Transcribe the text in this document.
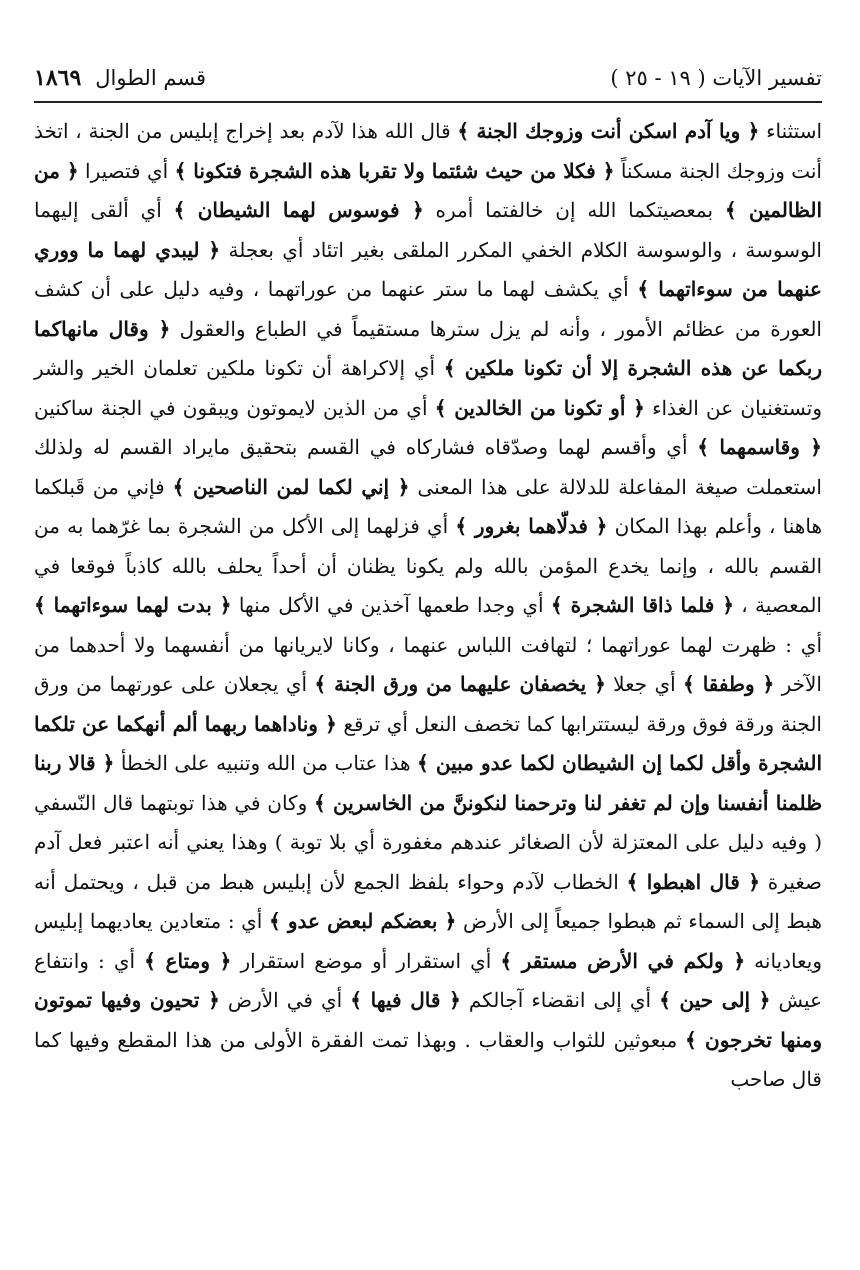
تفسير الآيات ( ١٩ - ٢٥ )
قسم الطوال
١٨٦٩
استثناء ﴿ ويا آدم اسكن أنت وزوجك الجنة ﴾ قال الله هذا لآدم بعد إخراج إبليس من الجنة ، اتخذ أنت وزوجك الجنة مسكناً ﴿ فكلا من حيث شئتما ولا تقربا هذه الشجرة فتكونا ﴾ أي فتصيرا ﴿ من الظالمين ﴾ بمعصيتكما الله إن خالفتما أمره ﴿ فوسوس لهما الشيطان ﴾ أي ألقى إليهما الوسوسة ، والوسوسة الكلام الخفي المكرر الملقى بغير اتئاد أي بعجلة ﴿ ليبدي لهما ما ووري عنهما من سوءاتهما ﴾ أي يكشف لهما ما ستر عنهما من عوراتهما ، وفيه دليل على أن كشف العورة من عظائم الأمور ، وأنه لم يزل سترها مستقيماً في الطباع والعقول ﴿ وقال مانهاكما ربكما عن هذه الشجرة إلا أن تكونا ملكين ﴾ أي إلاكراهة أن تكونا ملكين تعلمان الخير والشر وتستغنيان عن الغذاء ﴿ أو تكونا من الخالدين ﴾ أي من الذين لايموتون ويبقون في الجنة ساكنين ﴿ وقاسمهما ﴾ أي وأقسم لهما وصدّقاه فشاركاه في القسم بتحقيق مايراد القسم له ولذلك استعملت صيغة المفاعلة للدلالة على هذا المعنى ﴿ إني لكما لمن الناصحين ﴾ فإني من قَبلكما هاهنا ، وأعلم بهذا المكان ﴿ فدلّاهما بغرور ﴾ أي فزلهما إلى الأكل من الشجرة بما غرّهما به من القسم بالله ، وإنما يخدع المؤمن بالله ولم يكونا يظنان أن أحداً يحلف بالله كاذباً فوقعا في المعصية ، ﴿ فلما ذاقا الشجرة ﴾ أي وجدا طعمها آخذين في الأكل منها ﴿ بدت لهما سوءاتهما ﴾ أي : ظهرت لهما عوراتهما ؛ لتهافت اللباس عنهما ، وكانا لايريانها من أنفسهما ولا أحدهما من الآخر ﴿ وطفقا ﴾ أي جعلا ﴿ يخصفان عليهما من ورق الجنة ﴾ أي يجعلان على عورتهما من ورق الجنة ورقة فوق ورقة ليستترابها كما تخصف النعل أي ترقع ﴿ وناداهما ربهما ألم أنهكما عن تلكما الشجرة وأقل لكما إن الشيطان لكما عدو مبين ﴾ هذا عتاب من الله وتنبيه على الخطأ ﴿ قالا ربنا ظلمنا أنفسنا وإن لم تغفر لنا وترحمنا لنكوننَّ من الخاسرين ﴾ وكان في هذا توبتهما قال النّسفي ( وفيه دليل على المعتزلة لأن الصغائر عندهم مغفورة أي بلا توبة ) وهذا يعني أنه اعتبر فعل آدم صغيرة ﴿ قال اهبطوا ﴾ الخطاب لآدم وحواء بلفظ الجمع لأن إبليس هبط من قبل ، ويحتمل أنه هبط إلى السماء ثم هبطوا جميعاً إلى الأرض ﴿ بعضكم لبعض عدو ﴾ أي : متعادين يعاديهما إبليس ويعاديانه ﴿ ولكم في الأرض مستقر ﴾ أي استقرار أو موضع استقرار ﴿ ومتاع ﴾ أي : وانتفاع عيش ﴿ إلى حين ﴾ أي إلى انقضاء آجالكم ﴿ قال فيها ﴾ أي في الأرض ﴿ تحيون وفيها تموتون ومنها تخرجون ﴾ مبعوثين للثواب والعقاب . وبهذا تمت الفقرة الأولى من هذا المقطع وفيها كما قال صاحب
